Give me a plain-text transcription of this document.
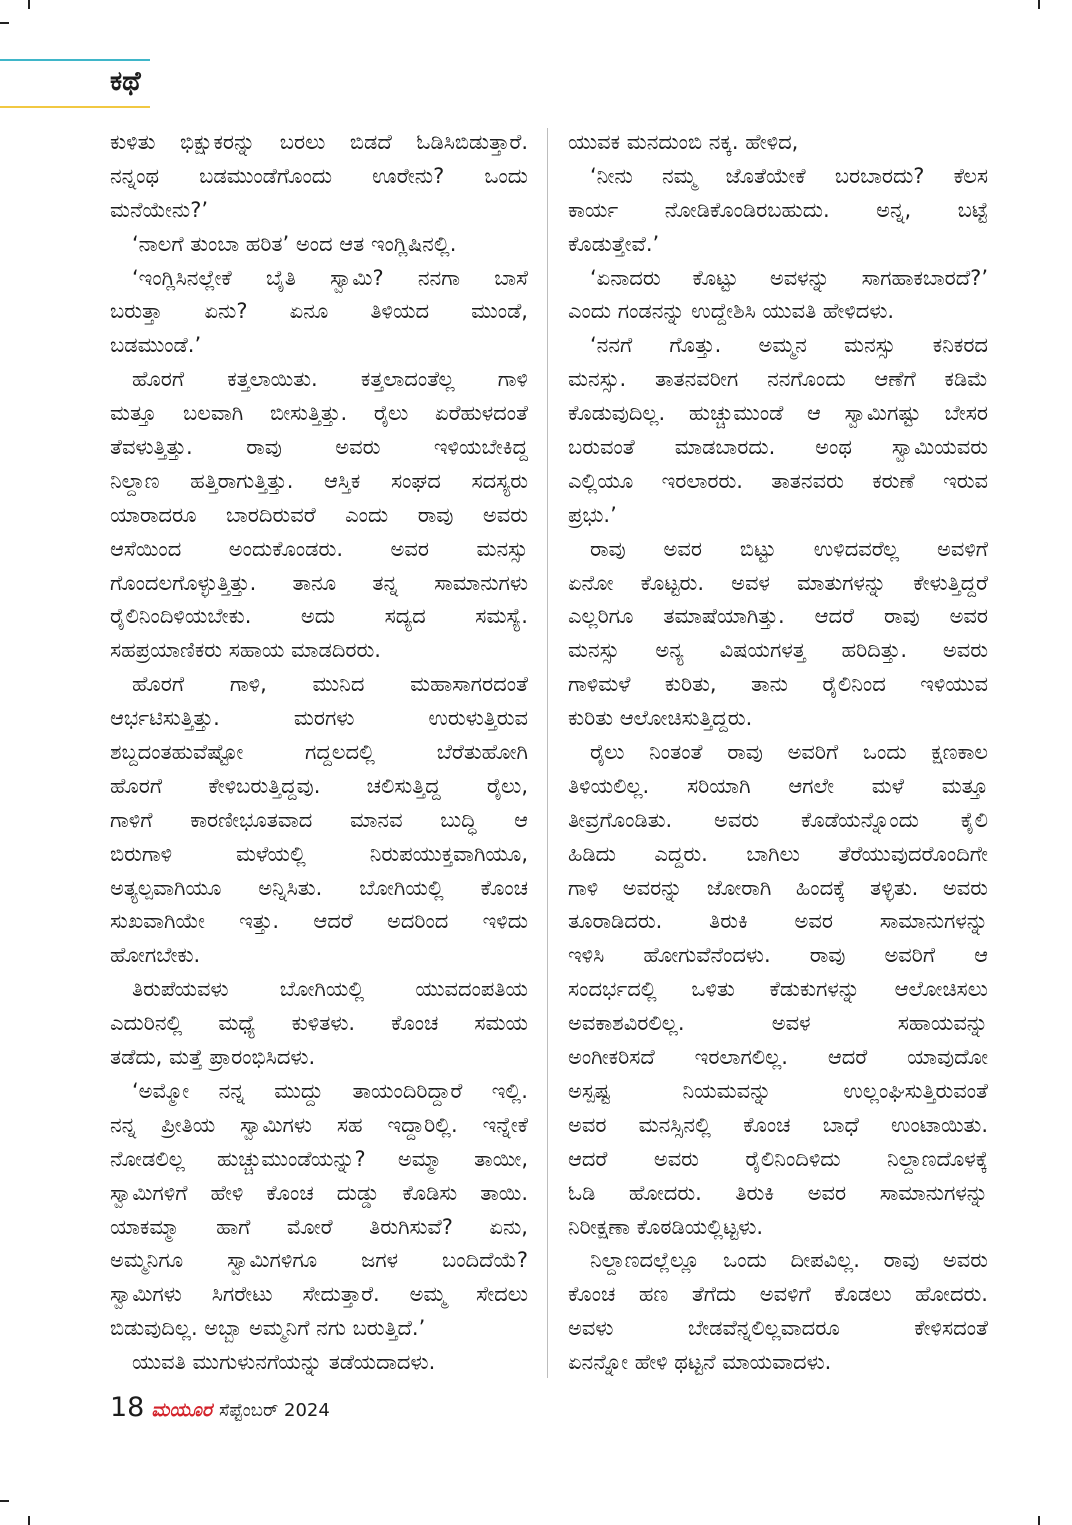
ಕಥೆ
ಕುಳಿತು ಭಿಕ್ಷುಕರನ್ನು ಬರಲು ಬಿಡದೆ ಓಡಿಸಿಬಿಡುತ್ತಾರೆ.
ನನ್ನಂಥ ಬಡಮುಂಡೆಗೊಂದು ಊರೇನು? ಒಂದು
ಮನೆಯೇನು?’
‘ನಾಲಗೆ ತುಂಬಾ ಹರಿತ’ ಅಂದ ಆತ ಇಂಗ್ಲಿಷಿನಲ್ಲಿ.
‘ಇಂಗ್ಲಿಸಿನಲ್ಲೇಕೆ ಬೈತಿ ಸ್ವಾಮಿ? ನನಗಾ ಬಾಸೆ
ಬರುತ್ತಾ ಏನು? ಏನೂ ತಿಳಿಯದ ಮುಂಡೆ,
ಬಡಮುಂಡೆ.’
ಹೊರಗೆ ಕತ್ತಲಾಯಿತು. ಕತ್ತಲಾದಂತೆಲ್ಲ ಗಾಳಿ
ಮತ್ತೂ ಬಲವಾಗಿ ಬೀಸುತ್ತಿತ್ತು. ರೈಲು ಏರೆಹುಳದಂತೆ
ತೆವಳುತ್ತಿತ್ತು. ರಾವು ಅವರು ಇಳಿಯಬೇಕಿದ್ದ
ನಿಲ್ದಾಣ ಹತ್ತಿರಾಗುತ್ತಿತ್ತು. ಆಸ್ತಿಕ ಸಂಘದ ಸದಸ್ಯರು
ಯಾರಾದರೂ ಬಾರದಿರುವರೆ ಎಂದು ರಾವು ಅವರು
ಆಸೆಯಿಂದ ಅಂದುಕೊಂಡರು. ಅವರ ಮನಸ್ಸು
ಗೊಂದಲಗೊಳ್ಳುತ್ತಿತ್ತು. ತಾನೂ ತನ್ನ ಸಾಮಾನುಗಳು
ರೈಲಿನಿಂದಿಳಿಯಬೇಕು. ಅದು ಸದ್ಯದ ಸಮಸ್ಯೆ.
ಸಹಪ್ರಯಾಣಿಕರು ಸಹಾಯ ಮಾಡದಿರರು.
ಹೊರಗೆ ಗಾಳಿ, ಮುನಿದ ಮಹಾಸಾಗರದಂತೆ
ಆರ್ಭಟಿಸುತ್ತಿತ್ತು. ಮರಗಳು ಉರುಳುತ್ತಿರುವ
ಶಬ್ದದಂತಹುವೆಷ್ಟೋ ಗದ್ದಲದಲ್ಲಿ ಬೆರೆತುಹೋಗಿ
ಹೊರಗೆ ಕೇಳಿಬರುತ್ತಿದ್ದವು. ಚಲಿಸುತ್ತಿದ್ದ ರೈಲು,
ಗಾಳಿಗೆ ಕಾರಣೀಭೂತವಾದ ಮಾನವ ಬುದ್ಧಿ ಆ
ಬಿರುಗಾಳಿ ಮಳೆಯಲ್ಲಿ ನಿರುಪಯುಕ್ತವಾಗಿಯೂ,
ಅತ್ಯಲ್ಪವಾಗಿಯೂ ಅನ್ನಿಸಿತು. ಬೋಗಿಯಲ್ಲಿ ಕೊಂಚ
ಸುಖವಾಗಿಯೇ ಇತ್ತು. ಆದರೆ ಅದರಿಂದ ಇಳಿದು
ಹೋಗಬೇಕು.
ತಿರುಪೆಯವಳು ಬೋಗಿಯಲ್ಲಿ ಯುವದಂಪತಿಯ
ಎದುರಿನಲ್ಲಿ ಮಧ್ಯೆ ಕುಳಿತಳು. ಕೊಂಚ ಸಮಯ
ತಡೆದು, ಮತ್ತೆ ಪ್ರಾರಂಭಿಸಿದಳು.
‘ಅಮ್ಮೋ ನನ್ನ ಮುದ್ದು ತಾಯಂದಿರಿದ್ದಾರೆ ಇಲ್ಲಿ.
ನನ್ನ ಪ್ರೀತಿಯ ಸ್ವಾಮಿಗಳು ಸಹ ಇದ್ದಾರಿಲ್ಲಿ. ಇನ್ನೇಕೆ
ನೋಡಲಿಲ್ಲ ಹುಚ್ಚುಮುಂಡೆಯನ್ನು? ಅಮ್ಮಾ ತಾಯೀ,
ಸ್ವಾಮಿಗಳಿಗೆ ಹೇಳಿ ಕೊಂಚ ದುಡ್ಡು ಕೊಡಿಸು ತಾಯಿ.
ಯಾಕಮ್ಮಾ ಹಾಗೆ ಮೋರೆ ತಿರುಗಿಸುವೆ? ಏನು,
ಅಮ್ಮನಿಗೂ ಸ್ವಾಮಿಗಳಿಗೂ ಜಗಳ ಬಂದಿದೆಯೆ?
ಸ್ವಾಮಿಗಳು ಸಿಗರೇಟು ಸೇದುತ್ತಾರೆ. ಅಮ್ಮ ಸೇದಲು
ಬಿಡುವುದಿಲ್ಲ. ಅಬ್ಬಾ ಅಮ್ಮನಿಗೆ ನಗು ಬರುತ್ತಿದೆ.’
ಯುವತಿ ಮುಗುಳುನಗೆಯನ್ನು ತಡೆಯದಾದಳು.
ಯುವಕ ಮನದುಂಬಿ ನಕ್ಕ. ಹೇಳಿದ,
‘ನೀನು ನಮ್ಮ ಜೊತೆಯೇಕೆ ಬರಬಾರದು? ಕೆಲಸ
ಕಾರ್ಯ ನೋಡಿಕೊಂಡಿರಬಹುದು. ಅನ್ನ, ಬಟ್ಟೆ
ಕೊಡುತ್ತೇವೆ.’
‘ಏನಾದರು ಕೊಟ್ಟು ಅವಳನ್ನು ಸಾಗಹಾಕಬಾರದೆ?’
ಎಂದು ಗಂಡನನ್ನು ಉದ್ದೇಶಿಸಿ ಯುವತಿ ಹೇಳಿದಳು.
‘ನನಗೆ ಗೊತ್ತು. ಅಮ್ಮನ ಮನಸ್ಸು ಕನಿಕರದ
ಮನಸ್ಸು. ತಾತನವರೀಗ ನನಗೊಂದು ಆಣೆಗೆ ಕಡಿಮೆ
ಕೊಡುವುದಿಲ್ಲ. ಹುಚ್ಚುಮುಂಡೆ ಆ ಸ್ವಾಮಿಗಷ್ಟು ಬೇಸರ
ಬರುವಂತೆ ಮಾಡಬಾರದು. ಅಂಥ ಸ್ವಾಮಿಯವರು
ಎಲ್ಲಿಯೂ ಇರಲಾರರು. ತಾತನವರು ಕರುಣೆ ಇರುವ
ಪ್ರಭು.’
ರಾವು ಅವರ ಬಿಟ್ಟು ಉಳಿದವರೆಲ್ಲ ಅವಳಿಗೆ
ಏನೋ ಕೊಟ್ಟರು. ಅವಳ ಮಾತುಗಳನ್ನು ಕೇಳುತ್ತಿದ್ದರೆ
ಎಲ್ಲರಿಗೂ ತಮಾಷೆಯಾಗಿತ್ತು. ಆದರೆ ರಾವು ಅವರ
ಮನಸ್ಸು ಅನ್ಯ ವಿಷಯಗಳತ್ತ ಹರಿದಿತ್ತು. ಅವರು
ಗಾಳಿಮಳೆ ಕುರಿತು, ತಾನು ರೈಲಿನಿಂದ ಇಳಿಯುವ
ಕುರಿತು ಆಲೋಚಿಸುತ್ತಿದ್ದರು.
ರೈಲು ನಿಂತಂತೆ ರಾವು ಅವರಿಗೆ ಒಂದು ಕ್ಷಣಕಾಲ
ತಿಳಿಯಲಿಲ್ಲ. ಸರಿಯಾಗಿ ಆಗಲೇ ಮಳೆ ಮತ್ತೂ
ತೀವ್ರಗೊಂಡಿತು. ಅವರು ಕೊಡೆಯನ್ನೊಂದು ಕೈಲಿ
ಹಿಡಿದು ಎದ್ದರು. ಬಾಗಿಲು ತೆರೆಯುವುದರೊಂದಿಗೇ
ಗಾಳಿ ಅವರನ್ನು ಜೋರಾಗಿ ಹಿಂದಕ್ಕೆ ತಳ್ಳಿತು. ಅವರು
ತೂರಾಡಿದರು. ತಿರುಕಿ ಅವರ ಸಾಮಾನುಗಳನ್ನು
ಇಳಿಸಿ ಹೋಗುವೆನೆಂದಳು. ರಾವು ಅವರಿಗೆ ಆ
ಸಂದರ್ಭದಲ್ಲಿ ಒಳಿತು ಕೆಡುಕುಗಳನ್ನು ಆಲೋಚಿಸಲು
ಅವಕಾಶವಿರಲಿಲ್ಲ. ಅವಳ ಸಹಾಯವನ್ನು
ಅಂಗೀಕರಿಸದೆ ಇರಲಾಗಲಿಲ್ಲ. ಆದರೆ ಯಾವುದೋ
ಅಸ್ಪಷ್ಟ ನಿಯಮವನ್ನು ಉಲ್ಲಂಘಿಸುತ್ತಿರುವಂತೆ
ಅವರ ಮನಸ್ಸಿನಲ್ಲಿ ಕೊಂಚ ಬಾಧೆ ಉಂಟಾಯಿತು.
ಆದರೆ ಅವರು ರೈಲಿನಿಂದಿಳಿದು ನಿಲ್ದಾಣದೊಳಕ್ಕೆ
ಓಡಿ ಹೋದರು. ತಿರುಕಿ ಅವರ ಸಾಮಾನುಗಳನ್ನು
ನಿರೀಕ್ಷಣಾ ಕೊಠಡಿಯಲ್ಲಿಟ್ಟಳು.
ನಿಲ್ದಾಣದಲ್ಲೆಲ್ಲೂ ಒಂದು ದೀಪವಿಲ್ಲ. ರಾವು ಅವರು
ಕೊಂಚ ಹಣ ತೆಗೆದು ಅವಳಿಗೆ ಕೊಡಲು ಹೋದರು.
ಅವಳು ಬೇಡವೆನ್ನಲಿಲ್ಲವಾದರೂ ಕೇಳಿಸದಂತೆ
ಏನನ್ನೋ ಹೇಳಿ ಥಟ್ಟನೆ ಮಾಯವಾದಳು.
18 ಮಯೂರ ಸೆಪ್ಟೆಂಬರ್ 2024
